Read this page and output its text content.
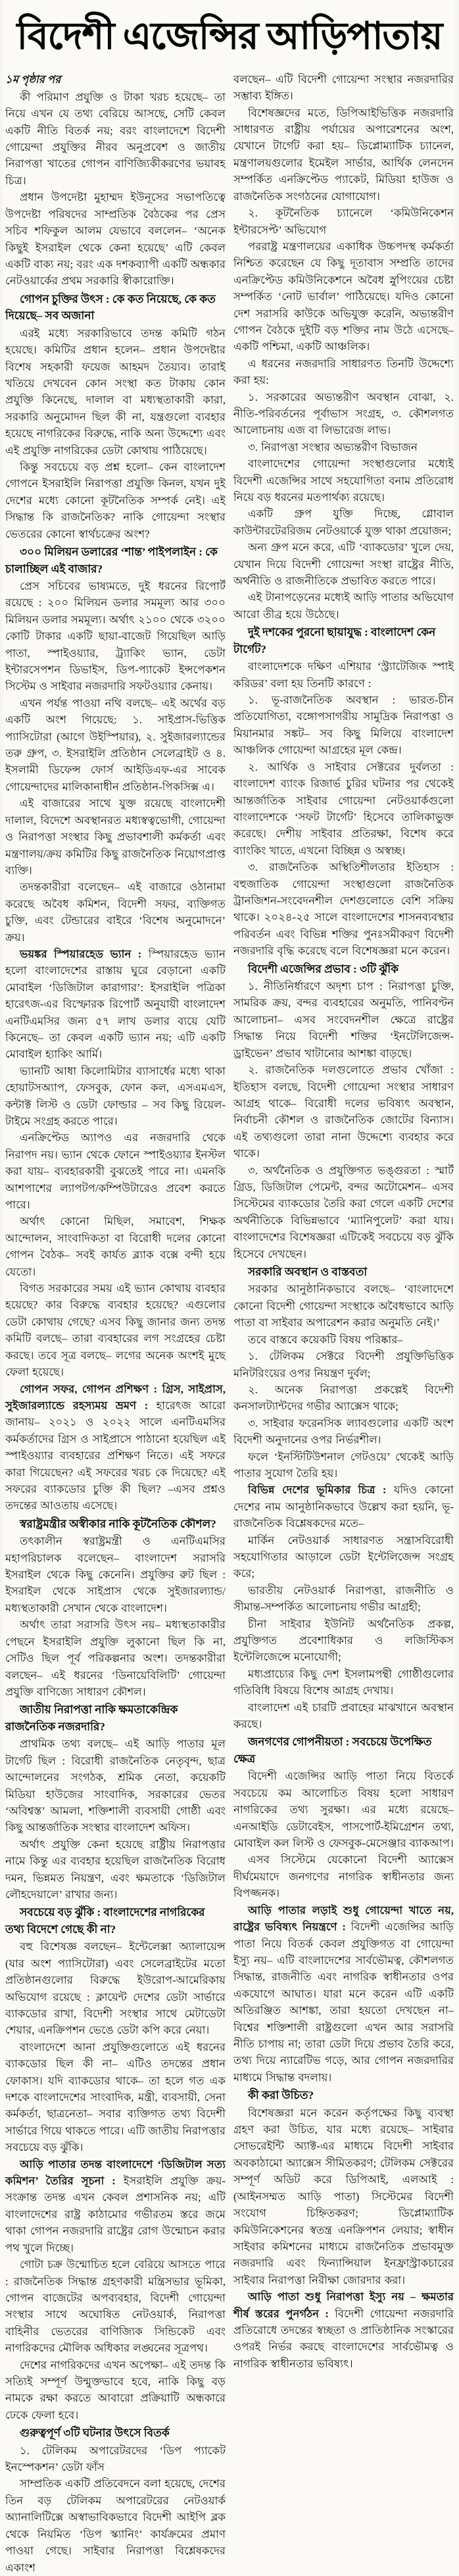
বিদেশী এজেন্সির আড়িপাতায়

১ম পৃষ্ঠার পর

কী পরিমাণ প্রযুক্তি ও টাকা খরচ হয়েছে– তা নিয়ে এখন যে তথ্য বেরিয়ে আসছে, সেটি কেবল একটি নীতি বিতর্ক নয়; বরং বাংলাদেশে বিদেশী গোয়েন্দা প্রযুক্তির নীরব অনুপ্রবেশ ও জাতীয় নিরাপত্তা খাতের গোপন বাণিজ্যিকীকরণের ভয়াবহ চিত্র।

প্রধান উপদেষ্টা মুহাম্মদ ইউনূসের সভাপতিত্বে উপদেষ্টা পরিষদের সাম্প্রতিক বৈঠকের পর প্রেস সচিব শফিকুল আলম যেভাবে বললেন– ‘অনেক কিছুই ইসরাইল থেকে কেনা হয়েছে’ এটি কেবল একটি বাক্য নয়; বরং এক দশকব্যাপী একটি অন্ধকার নেটওয়ার্কের প্রথম সরকারি স্বীকারোক্তি।

গোপন চুক্তির উৎস : কে কত নিয়েছে, কে কত দিয়েছে– সব অজানা

এরই মধ্যে সরকারিভাবে তদন্ত কমিটি গঠন হয়েছে। কমিটির প্রধান হলেন– প্রধান উপদেষ্টার বিশেষ সহকারী ফয়েজ আহমদ তৈয়্যব। তারাই খতিয়ে দেখবেন কোন সংস্থা কত টাকায় কোন প্রযুক্তি কিনেছে, দালাল বা মধ্যস্থতাকারী কারা, সরকারি অনুমোদন ছিল কী না, যন্ত্রগুলো ব্যবহার হয়েছে নাগরিকের বিরুদ্ধে, নাকি অন্য উদ্দেশ্যে এবং এই প্রযুক্তি নাগরিকের ডেটা কোথায় পাঠিয়েছে।

কিন্তু সবচেয়ে বড় প্রশ্ন হলো– কেন বাংলাদেশ গোপনে ইসরাইলি নিরাপত্তা প্রযুক্তি কিনল, যখন দুই দেশের মধ্যে কোনো কূটনৈতিক সম্পর্ক নেই। এই সিদ্ধান্ত কি রাজনৈতিক? নাকি গোয়েন্দা সংস্থার ভেতরের কোনো স্বার্থচক্রের অংশ?

৩০০ মিলিয়ন ডলারের ‘শান্ত’ পাইপলাইন : কে চালাচ্ছিল এই বাজার?

প্রেস সচিবের ভাষ্যমতে, দুই ধরনের রিপোর্ট রয়েছে : ২০০ মিলিয়ন ডলার সমমূল্য আর ৩০০ মিলিয়ন ডলার সমমূল্য। অর্থাৎ ২১০০ থেকে ৩২০০ কোটি টাকার একটি ছায়া-বাজেট গিয়েছিল আড়ি পাতা, স্পাইওয়্যার, ট্র্যাকিং ভ্যান, ডেটা ইন্টারসেপশন ডিভাইস, ডিপ-প্যাকেট ইন্সপেকশন সিস্টেম ও সাইবার নজরদারি সফটওয়্যার কেনায়।

এখন পর্যন্ত পাওয়া নথি বলছে– এই অর্থের বড় একটি অংশ গিয়েছে: ১. সাইপ্রাস-ভিত্তিক প্যাসিটোরা (আগে উইস্পিয়ার), ২. সুইজারল্যান্ডের তরু গ্রুপ, ৩. ইসরাইলি প্রতিষ্ঠান সেলেব্রাইট ও ৪. ইসলামী ডিফেন্স ফোর্স আইডিএফ-এর সাবেক গোয়েন্দাদের মালিকানাধীন প্রতিষ্ঠান-পিকসিক্স এ।

এই বাজারের সাথে যুক্ত রয়েছে বাংলাদেশী দালাল, বিদেশে অবস্থানরত মধ্যস্বত্বভোগী, গোয়েন্দা ও নিরাপত্তা সংস্থার কিছু প্রভাবশালী কর্মকর্তা এবং মন্ত্রণালয়/ক্রয় কমিটির কিছু রাজনৈতিক নিয়োগপ্রাপ্ত ব্যক্তি।

তদন্তকারীরা বলেছেন– এই বাজারে ওঠানামা করেছে অবৈধ কমিশন, বিদেশী সফর, ব্যক্তিগত চুক্তি, এবং টেন্ডারের বাইরে ‘বিশেষ অনুমোদনে’ ক্রয়।

ভয়ঙ্কর স্পিয়ারহেড ভ্যান : স্পিয়ারহেড ভ্যান হলো বাংলাদেশের রাস্তায় ঘুরে বেড়ানো একটি মোবাইল ‘ডিজিটাল কারাগার’: ইসরাইলি পত্রিকা হারেৎজ-এর বিস্ফোরক রিপোর্ট অনুযায়ী বাংলাদেশ এনটিএমসির জন্য ৫৭ লাখ ডলার ব্যয়ে যেটি কিনেছে– তা কেবল একটি ভ্যান নয়; এটি একটি মোবাইল হ্যাকিং আর্মি।

ভ্যানটি আধা কিলোমিটার ব্যাসার্ধের মধ্যে থাকা হোয়াটসঅ্যাপ, ফেসবুক, ফোন কল, এসএমএস, কন্টাক্ট লিস্ট ও ডেটা ফোল্ডার – সব কিছু রিয়েল-টাইমে সংগ্রহ করতে পারে।

এনক্রিপ্টেড অ্যাপও এর নজরদারি থেকে নিরাপদ নয়। ভ্যান থেকে ফোনে স্পাইওয়্যার ইনস্টল করা যায়– ব্যবহারকারী বুঝতেই পারে না। এমনকি আশপাশের ল্যাপটপ/কম্পিউটারেও প্রবেশ করতে পারে।

অর্থাৎ কোনো মিছিল, সমাবেশ, শিক্ষক আন্দোলন, সাংবাদিকতা বা বিরোধী দলের কোনো গোপন বৈঠক– সবই কার্যত ব্ল্যাক বক্সে বন্দী হয়ে যেতো।

বিগত সরকারের সময় এই ভ্যান কোথায় ব্যবহার হয়েছে? কার বিরুদ্ধে ব্যবহার হয়েছে? এগুলোর ডেটা কোথায় গেছে? এসব কিছু জানার জন্য তদন্ত কমিটি বলছে– তারা ব্যবহারের লগ সংগ্রহের চেষ্টা করছে। তবে সূত্র বলছে– লগের অনেক অংশই মুছে ফেলা হয়েছে।

গোপন সফর, গোপন প্রশিক্ষণ : গ্রিস, সাইপ্রাস, সুইজারল্যান্ডে রহস্যময় ভ্রমণ : হারেৎজ আরো জানায়– ২০২১ ও ২০২২ সালে এনটিএমসির কর্মকর্তাদের গ্রিস ও সাইপ্রাসে পাঠানো হয়েছিল এই স্পাইওয়্যার ব্যবহারের প্রশিক্ষণ নিতে। এই সফরে কারা গিয়েছেন? এই সফরের খরচ কে দিয়েছে? এই সফরের ব্যাকডোর চুক্তি কী ছিল? –এসব প্রশ্নও তদন্তের আওতায় এসেছে।

স্বরাষ্ট্রমন্ত্রীর অস্বীকার নাকি কূটনৈতিক কৌশল?

তৎকালীন স্বরাষ্ট্রমন্ত্রী ও এনটিএমসির মহাপরিচালক বলেছেন– বাংলাদেশ সরাসরি ইসরাইল থেকে কিছু কেনেনি। প্রযুক্তির রুট ছিল : ইসরাইল থেকে সাইপ্রাস থেকে সুইজারল্যান্ড/মধ্যস্থতাকারী সেখান থেকে বাংলাদেশ।

অর্থাৎ তারা সরাসরি উৎস নয়– মধ্যস্থতাকারীর পেছনে ইসরাইলি প্রযুক্তি লুকানো ছিল কি না, সেটিও ছিল পূর্ব পরিকল্পনার অংশ। তদন্তকারীরা বলছেন– এই ধরনের ‘ডিনায়েবিলিটি’ গোয়েন্দা প্রযুক্তি বাণিজ্যে সাধারণ কৌশল।

জাতীয় নিরাপত্তা নাকি ক্ষমতাকেন্দ্রিক রাজনৈতিক নজরদারি?

প্রাথমিক তথ্য বলছে– এই আড়ি পাতার মূল টার্গেট ছিল : বিরোধী রাজনৈতিক নেতৃবৃন্দ, ছাত্র আন্দোলনের সংগঠক, শ্রমিক নেতা, কয়েকটি মিডিয়া হাউজের সাংবাদিক, সরকারের ভেতর ‘অবিশ্বস্ত’ আমলা, শক্তিশালী ব্যবসায়ী গোষ্ঠী এবং কিছু আন্তর্জাতিক সংস্থার বাংলাদেশ অফিস।

অর্থাৎ প্রযুক্তি কেনা হয়েছে রাষ্ট্রীয় নিরাপত্তার নামে কিন্তু এর ব্যবহার হয়েছিল রাজনৈতিক বিরোধ দমন, ভিন্নমত নিয়ন্ত্রণ, এবং ক্ষমতাকে ‘ডিজিটাল লৌহদেয়ালে’ রাখার জন্য।

সবচেয়ে বড় ঝুঁকি : বাংলাদেশের নাগরিকের তথ্য বিদেশে গেছে কী না?

বহু বিশেষজ্ঞ বলছেন– ইন্টেলেক্সা অ্যালায়েন্স (যার অংশ প্যাসিটোরা) এবং সেলেব্রাইটের মতো প্রতিষ্ঠানগুলোর বিরুদ্ধে ইউরোপ-আমেরিকায় অভিযোগ রয়েছে : ক্লায়েন্ট দেশের ডেটা সার্ভারে ব্যাকডোর রাখা, বিদেশী সংস্থার সাথে মেটাডেটা শেয়ার, এনক্রিপশন ভেঙে ডেটা কপি করে নেয়া।

বাংলাদেশে আনা প্রযুক্তিগুলোতে এই ধরনের ব্যাকডোর ছিল কী না– এটিও তদন্তের প্রধান ফোকাস। যদি ব্যাকডোর থাকে– তা হলে গত এক দশকে বাংলাদেশের সাংবাদিক, মন্ত্রী, ব্যবসায়ী, সেনা কর্মকর্তা, ছাত্রনেতা– সবার ব্যক্তিগত তথ্য বিদেশী সার্ভারে গিয়ে থাকতে পারে। এটি জাতীয় নিরাপত্তার সবচেয়ে বড় ঝুঁকি।

আড়ি পাতার তদন্ত বাংলাদেশে ‘ডিজিটাল সত্য কমিশন’ তৈরির সূচনা : ইসরাইলি প্রযুক্তি ক্রয়-সংক্রান্ত তদন্ত এখন কেবল প্রশাসনিক নয়; এটি বাংলাদেশের রাষ্ট্র কাঠামোর গভীরতম স্তরে জমে থাকা গোপন নজরদারি রাষ্ট্রের রোগ উন্মোচন করার পথ খুলে দিচ্ছে।

গোটা চক্র উন্মোচিত হলে বেরিয়ে আসতে পারে : রাজনৈতিক সিদ্ধান্ত গ্রহণকারী মন্ত্রিসভার ভূমিকা, গোপন বাজেটের অপব্যবহার, বিদেশী গোয়েন্দা সংস্থার সাথে অঘোষিত নেটওয়ার্ক, নিরাপত্তা বাহিনীর ভেতরের বাণিজ্যিক সিন্ডিকেট এবং নাগরিকদের মৌলিক অধিকার লঙ্ঘনের সূত্রপথ।

দেশের নাগরিকদের এখন অপেক্ষা– এই তদন্ত কি সত্যিই সম্পূর্ণ উন্মুক্তভাবে হবে, নাকি কিছু বড় নামকে রক্ষা করতে আবারো প্রক্রিয়াটি অন্ধকারে ঢেকে ফেলা হবে।

গুরুত্বপূর্ণ ৩টি ঘটনার উৎসে বিতর্ক

১. টেলিকম অপারেটরদের ‘ডিপ প্যাকেট ইনস্পেকশন’ ডেটা ফাঁস

সাম্প্রতিক একটি প্রতিবেদনে বলা হয়েছে, দেশের তিন বড় টেলিকম অপারেটরের নেটওয়ার্ক অ্যানালিটিক্সে অস্বাভাবিকভাবে বিদেশী আইপি ব্লক থেকে নিয়মিত ‘ডিপ স্ক্যানিং’ কার্যক্রমের প্রমাণ পাওয়া গেছে। সাইবার নিরাপত্তা বিশ্লেষকদের একাংশ

বলছেন– এটি বিদেশী গোয়েন্দা সংস্থার নজরদারির সম্ভাব্য ইঙ্গিত।

বিশেষজ্ঞদের মতে, ডিপিআইভিত্তিক নজরদারি সাধারণত রাষ্ট্রীয় পর্যায়ের অপারেশনের অংশ, যেখানে টার্গেট করা হয়– ডিপ্লোম্যাটিক চ্যানেল, মন্ত্রণালয়গুলোর ইমেইল সার্ভার, আর্থিক লেনদেন সম্পর্কিত এনক্রিপ্টেড প্যাকেট, মিডিয়া হাউজ ও রাজনৈতিক সংগঠনের যোগাযোগ।

২. কূটনৈতিক চ্যানেলে ‘কমিউনিকেশন ইন্টারসেপ্ট’ অভিযোগ

পররাষ্ট্র মন্ত্রণালয়ের একাধিক উচ্চপদস্থ কর্মকর্তা নিশ্চিত করেছেন যে কিছু দূতাবাস সম্প্রতি তাদের এনক্রিপ্টেড কমিউনিকেশনে অবৈধ স্নুপিংয়ের চেষ্টা সম্পর্কিত ‘নোট ভার্বাল’ পাঠিয়েছে। যদিও কোনো দেশ সরাসরি কাউকে অভিযুক্ত করেনি, অভ্যন্তরীণ গোপন বৈঠকে দুইটি বড় শক্তির নাম উঠে এসেছে– একটি পশ্চিমা, একটি আঞ্চলিক।

এ ধরনের নজরদারি সাধারণত তিনটি উদ্দেশ্যে করা হয়:

১. সরকারের অভ্যন্তরীণ অবস্থান বোঝা, ২. নীতি-পরিবর্তনের পূর্বাভাস সংগ্রহ, ৩. কৌশলগত আলোচনায় এজ বা লিভারেজ লাভ।

৩. নিরাপত্তা সংস্থার অভ্যন্তরীণ বিভাজন

বাংলাদেশের গোয়েন্দা সংস্থাগুলোর মধ্যেই বিদেশী এজেন্সির সাথে সহযোগিতা বনাম প্রতিরোধ নিয়ে বড় ধরনের মতপার্থক্য রয়েছে।

একটি গ্রুপ যুক্তি দিচ্ছে, গ্লোবাল কাউন্টারটেররিজম নেটওয়ার্কে যুক্ত থাকা প্রয়োজন;

অন্য গ্রুপ মনে করে, এটি ‘ব্যাকডোর’ খুলে দেয়, যেখান দিয়ে বিদেশী গোয়েন্দা সংস্থা রাষ্ট্রের নীতি, অর্থনীতি ও রাজনীতিকে প্রভাবিত করতে পারে।

এই টানাপড়েনের মধ্যেই আড়ি পাতার অভিযোগ আরো তীব্র হয়ে উঠেছে।

দুই দশকের পুরনো ছায়াযুদ্ধ : বাংলাদেশ কেন টার্গেট?

বাংলাদেশকে দক্ষিণ এশিয়ার ‘স্ট্র্যাটেজিক স্পাই করিডর’ বলা হয় তিনটি কারণে :

১. ভূ-রাজনৈতিক অবস্থান : ভারত-চীন প্রতিযোগিতা, বঙ্গোপসাগরীয় সামুদ্রিক নিরাপত্তা ও মিয়ানমার সঙ্কট– সব কিছু মিলিয়ে বাংলাদেশ আঞ্চলিক গোয়েন্দা আগ্রহের মূল কেন্দ্র।

২. আর্থিক ও সাইবার সেক্টরের দুর্বলতা : বাংলাদেশ ব্যাংক রিজার্ভ চুরির ঘটনার পর থেকেই আন্তর্জাতিক সাইবার গোয়েন্দা নেটওয়ার্কগুলো বাংলাদেশকে ‘সফট টার্গেট’ হিসেবে তালিকাভুক্ত করেছে। দেশীয় সাইবার প্রতিরক্ষা, বিশেষ করে ব্যাংকিং খাতে, এখনো বিচ্ছিন্ন ও অস্বচ্ছ।

৩. রাজনৈতিক অস্থিতিশীলতার ইতিহাস : বহুজাতিক গোয়েন্দা সংস্থাগুলো রাজনৈতিক ট্রানজিশন-সংবেদনশীল দেশগুলোতে বেশি সক্রিয় থাকে। ২০২৪-২৫ সালে বাংলাদেশের শাসনব্যবস্থার পরিবর্তন এবং বিভিন্ন শক্তির পুনঃসমীকরণ বিদেশী নজরদারি বৃদ্ধি করেছে বলে বিশেষজ্ঞরা মনে করেন।

বিদেশী এজেন্সির প্রভাব : ৩টি ঝুঁকি

১. নীতিনির্ধারণে অদৃশ্য চাপ : নিরাপত্তা চুক্তি, সামরিক ক্রয়, বন্দর ব্যবহারের অনুমতি, পানিবণ্টন আলোচনা– এসব সংবেদনশীল ক্ষেত্রে রাষ্ট্রের সিদ্ধান্ত নিয়ে বিদেশী শক্তির ‘ইনটেলিজেন্স-ড্রাইভেন’ প্রভাব খাটানোর আশঙ্কা বাড়ছে।

২. রাজনৈতিক দলগুলোতে প্রভাব খোঁজা : ইতিহাস বলছে, বিদেশী গোয়েন্দা সংস্থার সাধারণ আগ্রহ থাকে– বিরোধী দলের ভবিষ্যৎ অবস্থান, নির্বাচনী কৌশল ও রাজনৈতিক জোটের বিন্যাস। এই তথ্যগুলো তারা নানা উদ্দেশ্যে ব্যবহার করে থাকে।

৩. অর্থনৈতিক ও প্রযুক্তিগত ভঙ্গুরতা : স্মার্ট গ্রিড, ডিজিটাল পেমেন্ট, বন্দর অটোমেশন– এসব সিস্টেমের ব্যাকডোর তৈরি করা গেলে একটি দেশের অর্থনীতিকে বিভিন্নভাবে ‘ম্যানিপুলেট’ করা যায়। বাংলাদেশের বিশেষজ্ঞরা এটিকেই সবচেয়ে বড় ঝুঁকি হিসেবে দেখছেন।

সরকারি অবস্থান ও বাস্তবতা

সরকার আনুষ্ঠানিকভাবে বলছে– ‘বাংলাদেশে কোনো বিদেশী গোয়েন্দা সংস্থাকে অবৈধভাবে আড়ি পাতা বা সাইবার অপারেশন করার অনুমতি নেই।’

তবে বাস্তবে কয়েকটি বিষয় পরিষ্কার–

১. টেলিকম সেক্টরে বিদেশী প্রযুক্তিভিত্তিক মনিটরিংয়ের ওপর নিয়ন্ত্রণ দুর্বল;

২. অনেক নিরাপত্তা প্রকল্পেই বিদেশী কনসালট্যান্টদের গভীর অ্যাক্সেস থাকে;

৩. সাইবার ফরেনসিক ল্যাবগুলোর একটি অংশ বিদেশী অনুদানের ওপর নির্ভরশীল।

ফলে ‘ইনস্টিটিউশনাল গেটওয়ে’ থেকেই আড়ি পাতার সুযোগ তৈরি হয়।

বিভিন্ন দেশের ভূমিকার চিত্র : যদিও কোনো দেশের নাম আনুষ্ঠানিকভাবে উল্লেখ করা হয়নি, ভূ-রাজনৈতিক বিশ্লেষকদের মতে–

মার্কিন নেটওয়ার্ক সাধারণত সন্ত্রাসবিরোধী সহযোগিতার আড়ালে ডেটা ইন্টেলিজেন্স সংগ্রহ করে;

ভারতীয় নেটওয়ার্ক নিরাপত্তা, রাজনীতি ও সীমান্ত-সম্পর্কিত আলোচনায় গভীর আগ্রহী;

চীনা সাইবার ইউনিট অর্থনৈতিক প্রকল্প, প্রযুক্তিগত প্রবেশাধিকার ও লজিস্টিকস ইন্টেলিজেন্সে মনোযোগী;

মধ্যপ্রাচ্যের কিছু দেশ ইসলামপন্থী গোষ্ঠীগুলোর গতিবিধি বিষয়ে বিশেষ আগ্রহ দেখায়।

বাংলাদেশ এই চারটি প্রবাহের মাঝখানে অবস্থান করছে।

জনগণের গোপনীয়তা : সবচেয়ে উপেক্ষিত ক্ষেত্র

বিদেশী এজেন্সির আড়ি পাতা নিয়ে বিতর্কে সবচেয়ে কম আলোচিত বিষয় হলো সাধারণ নাগরিকের তথ্য সুরক্ষা। এর মধ্যে রয়েছে– এনআইডি ডেটাবেইস, পাসপোর্ট-ইমিগ্রেশন তথ্য, মোবাইল কল লিস্ট ও ফেসবুক-মেসেঞ্জার ব্যাকআপ।

এসব সিস্টেমে যেকোনো বিদেশী অ্যাক্সেস দীর্ঘমেয়াদে জনগণের নাগরিক স্বাধীনতার জন্য বিপজ্জনক।

আড়ি পাতার লড়াই শুধু গোয়েন্দা খাতে নয়, রাষ্ট্রের ভবিষ্যৎ নিয়ন্ত্রণে : বিদেশী এজেন্সির আড়ি পাতা নিয়ে বিতর্ক কেবল প্রযুক্তিগত বা গোয়েন্দা ইস্যু নয়– এটি বাংলাদেশের সার্বভৌমত্ব, কৌশলগত সিদ্ধান্ত, রাজনীতি এবং নাগরিক স্বাধীনতার ওপর একযোগে আঘাত। যারা মনে করেন এটি একটি অতিরঞ্জিত আশঙ্কা, তারা হয়তো দেখছেন না– বিশ্বের শক্তিশালী রাষ্ট্রগুলো এখন আর সরাসরি নীতি চাপায় না; তারা ডেটা দিয়ে প্রভাব তৈরি করে, তথ্য দিয়ে ন্যারেটিভ গড়ে, আর গোপন নজরদারির মাধ্যমে সিদ্ধান্ত বদলায়।

কী করা উচিত?

বিশেষজ্ঞরা মনে করেন কর্তৃপক্ষের কিছু ব্যবস্থা গ্রহণ করা উচিত, যার মধ্যে রয়েছে– সাইবার সোভরেইন্টি অ্যাক্ট-এর মাধ্যমে বিদেশী সাইবার অবকাঠামো অ্যাক্সেস সীমিতকরণ; টেলিকম সেক্টরের সম্পূর্ণ অডিট করে ডিপিআই, এলআই : (আইনসম্মত আড়ি পাতা) সিস্টেমের বিদেশী সংযোগ চিহ্নিতকরণ; ডিপ্লোম্যাটিক কমিউনিকেশনের স্বতন্ত্র এনক্রিপশন লেয়ার; স্বাধীন সাইবার কমিশনের মাধ্যমে রাজনৈতিক প্রভাবমুক্ত নজরদারি এবং ফিন্যান্সিয়াল ইনফ্রাস্ট্রাকচারের সাইবার নিরাপত্তা নিরীক্ষা জোরদার করা।

আড়ি পাতা শুধু নিরাপত্তা ইস্যু নয় – ক্ষমতার শীর্ষ স্তরের পুনর্গঠন : বিদেশী গোয়েন্দা নজরদারি প্রতিরোধে তদন্তের স্বচ্ছতা ও প্রাতিষ্ঠানিক সংস্কারের ওপরই নির্ভর করছে বাংলাদেশের সার্বভৌমত্ব ও নাগরিক স্বাধীনতার ভবিষ্যৎ।
